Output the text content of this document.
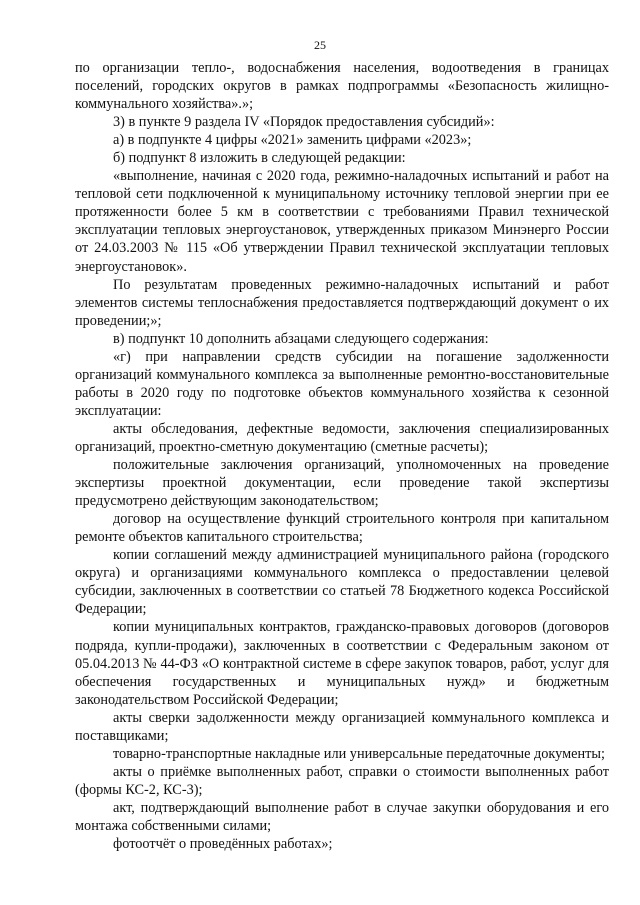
25

по организации тепло-, водоснабжения населения, водоотведения в границах поселений, городских округов в рамках подпрограммы «Безопасность жилищно-коммунального хозяйства».»;

3) в пункте 9 раздела IV «Порядок предоставления субсидий»:

а) в подпункте 4 цифры «2021» заменить цифрами «2023»;

б) подпункт 8 изложить в следующей редакции:

«выполнение, начиная с 2020 года, режимно-наладочных испытаний и работ на тепловой сети подключенной к муниципальному источнику тепловой энергии при ее протяженности более 5 км в соответствии с требованиями Правил технической эксплуатации тепловых энергоустановок, утвержденных приказом Минэнерго России от 24.03.2003 № 115 «Об утверждении Правил технической эксплуатации тепловых энергоустановок».

По результатам проведенных режимно-наладочных испытаний и работ элементов системы теплоснабжения предоставляется подтверждающий документ о их проведении;»;

в) подпункт 10 дополнить абзацами следующего содержания:

«г) при направлении средств субсидии на погашение задолженности организаций коммунального комплекса за выполненные ремонтно-восстановительные работы в 2020 году по подготовке объектов коммунального хозяйства к сезонной эксплуатации:

акты обследования, дефектные ведомости, заключения специализированных организаций, проектно-сметную документацию (сметные расчеты);

положительные заключения организаций, уполномоченных на проведение экспертизы проектной документации, если проведение такой экспертизы предусмотрено действующим законодательством;

договор на осуществление функций строительного контроля при капитальном ремонте объектов капитального строительства;

копии соглашений между администрацией муниципального района (городского округа) и организациями коммунального комплекса о предоставлении целевой субсидии, заключенных в соответствии со статьей 78 Бюджетного кодекса Российской Федерации;

копии муниципальных контрактов, гражданско-правовых договоров (договоров подряда, купли-продажи), заключенных в соответствии с Федеральным законом от 05.04.2013 № 44-ФЗ «О контрактной системе в сфере закупок товаров, работ, услуг для обеспечения государственных и муниципальных нужд» и бюджетным законодательством Российской Федерации;

акты сверки задолженности между организацией коммунального комплекса и поставщиками;

товарно-транспортные накладные или универсальные передаточные документы;

акты о приёмке выполненных работ, справки о стоимости выполненных работ (формы КС-2, КС-3);

акт, подтверждающий выполнение работ в случае закупки оборудования и его монтажа собственными силами;

фотоотчёт о проведённых работах»;
